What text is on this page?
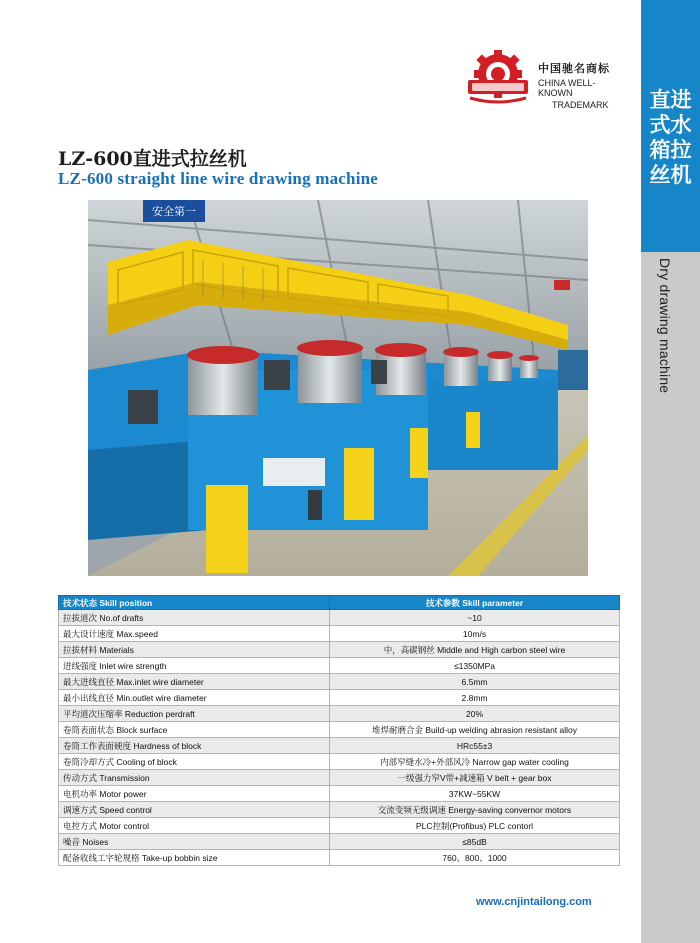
直进式水箱拉丝机
Dry drawing machine
中国驰名商标
CHINA WELL-KNOWN
TRADEMARK
LZ-600直进式拉丝机
LZ-600 straight line wire drawing machine
安全第一
技术状态 Skill position	技术参数 Skill parameter
拉拔道次 No.of drafts	~10
最大设计速度 Max.speed	10m/s
拉拔材料 Materials	中，高碳钢丝 Middle and High carbon steel wire
进线强度 Inlet wire strength	≤1350MPa
最大进线直径 Max.inlet wire diameter	6.5mm
最小出线直径 Min.outlet wire diameter	2.8mm
平均道次压缩率 Reduction perdraft	20%
卷筒表面状态 Block surface	堆焊耐磨合金 Build-up welding abrasion resistant alloy
卷筒工作表面硬度 Hardness of block	HRc55±3
卷筒冷却方式 Cooling of block	内部窄缝水冷+外部风冷 Narrow gap water cooling
传动方式 Transmission	一级强力窄V带+减速箱 V belt + gear box
电机功率 Motor power	37KW~55KW
调速方式 Speed control	交流变频无级调速 Energy-saving convernor motors
电控方式 Motor control	PLC控制(Profibus) PLC contorl
噪音 Noises	≤85dB
配备收线工字轮规格 Take-up bobbin size	760、800、1000
www.cnjintailong.com
